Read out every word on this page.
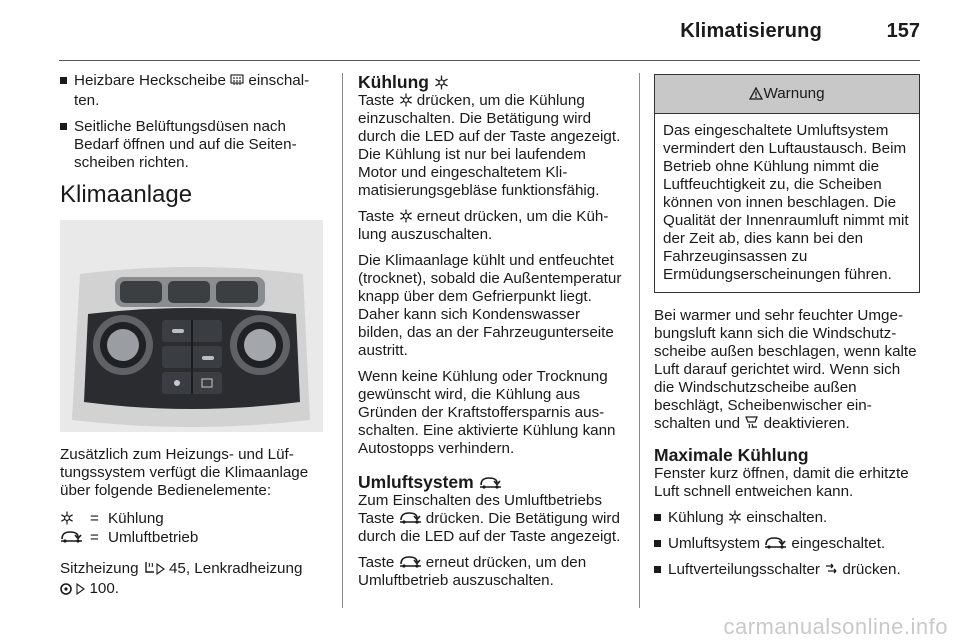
Klimatisierung	157
Heizbare Heckscheibe  einschalten.
Seitliche Belüftungsdüsen nach Bedarf öffnen und auf die Seitenscheiben richten.
Klimaanlage

Zusätzlich zum Heizungs- und Lüftungssystem verfügt die Klimaanlage über folgende Bedienelemente:

= Kühlung
= Umluftbetrieb

Sitzheizung  45, Lenkradheizung
100.

Kühlung

Taste  drücken, um die Kühlung einzuschalten. Die Betätigung wird durch die LED auf der Taste angezeigt. Die Kühlung ist nur bei laufendem Motor und eingeschaltetem Klimatisierungsgebläse funktionsfähig.

Taste  erneut drücken, um die Kühlung auszuschalten.

Die Klimaanlage kühlt und entfeuchtet (trocknet), sobald die Außentemperatur knapp über dem Gefrierpunkt liegt. Daher kann sich Kondenswasser bilden, das an der Fahrzeugunterseite austritt.

Wenn keine Kühlung oder Trocknung gewünscht wird, die Kühlung aus Gründen der Kraftstoffersparnis ausschalten. Eine aktivierte Kühlung kann Autostopps verhindern.

Umluftsystem

Zum Einschalten des Umluftbetriebs Taste  drücken. Die Betätigung wird durch die LED auf der Taste angezeigt.

Taste  erneut drücken, um den Umluftbetrieb auszuschalten.

Warnung
Das eingeschaltete Umluftsystem vermindert den Luftaustausch. Beim Betrieb ohne Kühlung nimmt die Luftfeuchtigkeit zu, die Scheiben können von innen beschlagen. Die Qualität der Innenraumluft nimmt mit der Zeit ab, dies kann bei den Fahrzeuginsassen zu Ermüdungserscheinungen führen.

Bei warmer und sehr feuchter Umgebungsluft kann sich die Windschutzscheibe außen beschlagen, wenn kalte Luft darauf gerichtet wird. Wenn sich die Windschutzscheibe außen beschlägt, Scheibenwischer einschalten und  deaktivieren.

Maximale Kühlung

Fenster kurz öffnen, damit die erhitzte Luft schnell entweichen kann.

Kühlung  einschalten.
Umluftsystem  eingeschaltet.
Luftverteilungsschalter  drücken.
carmanualsonline.info
